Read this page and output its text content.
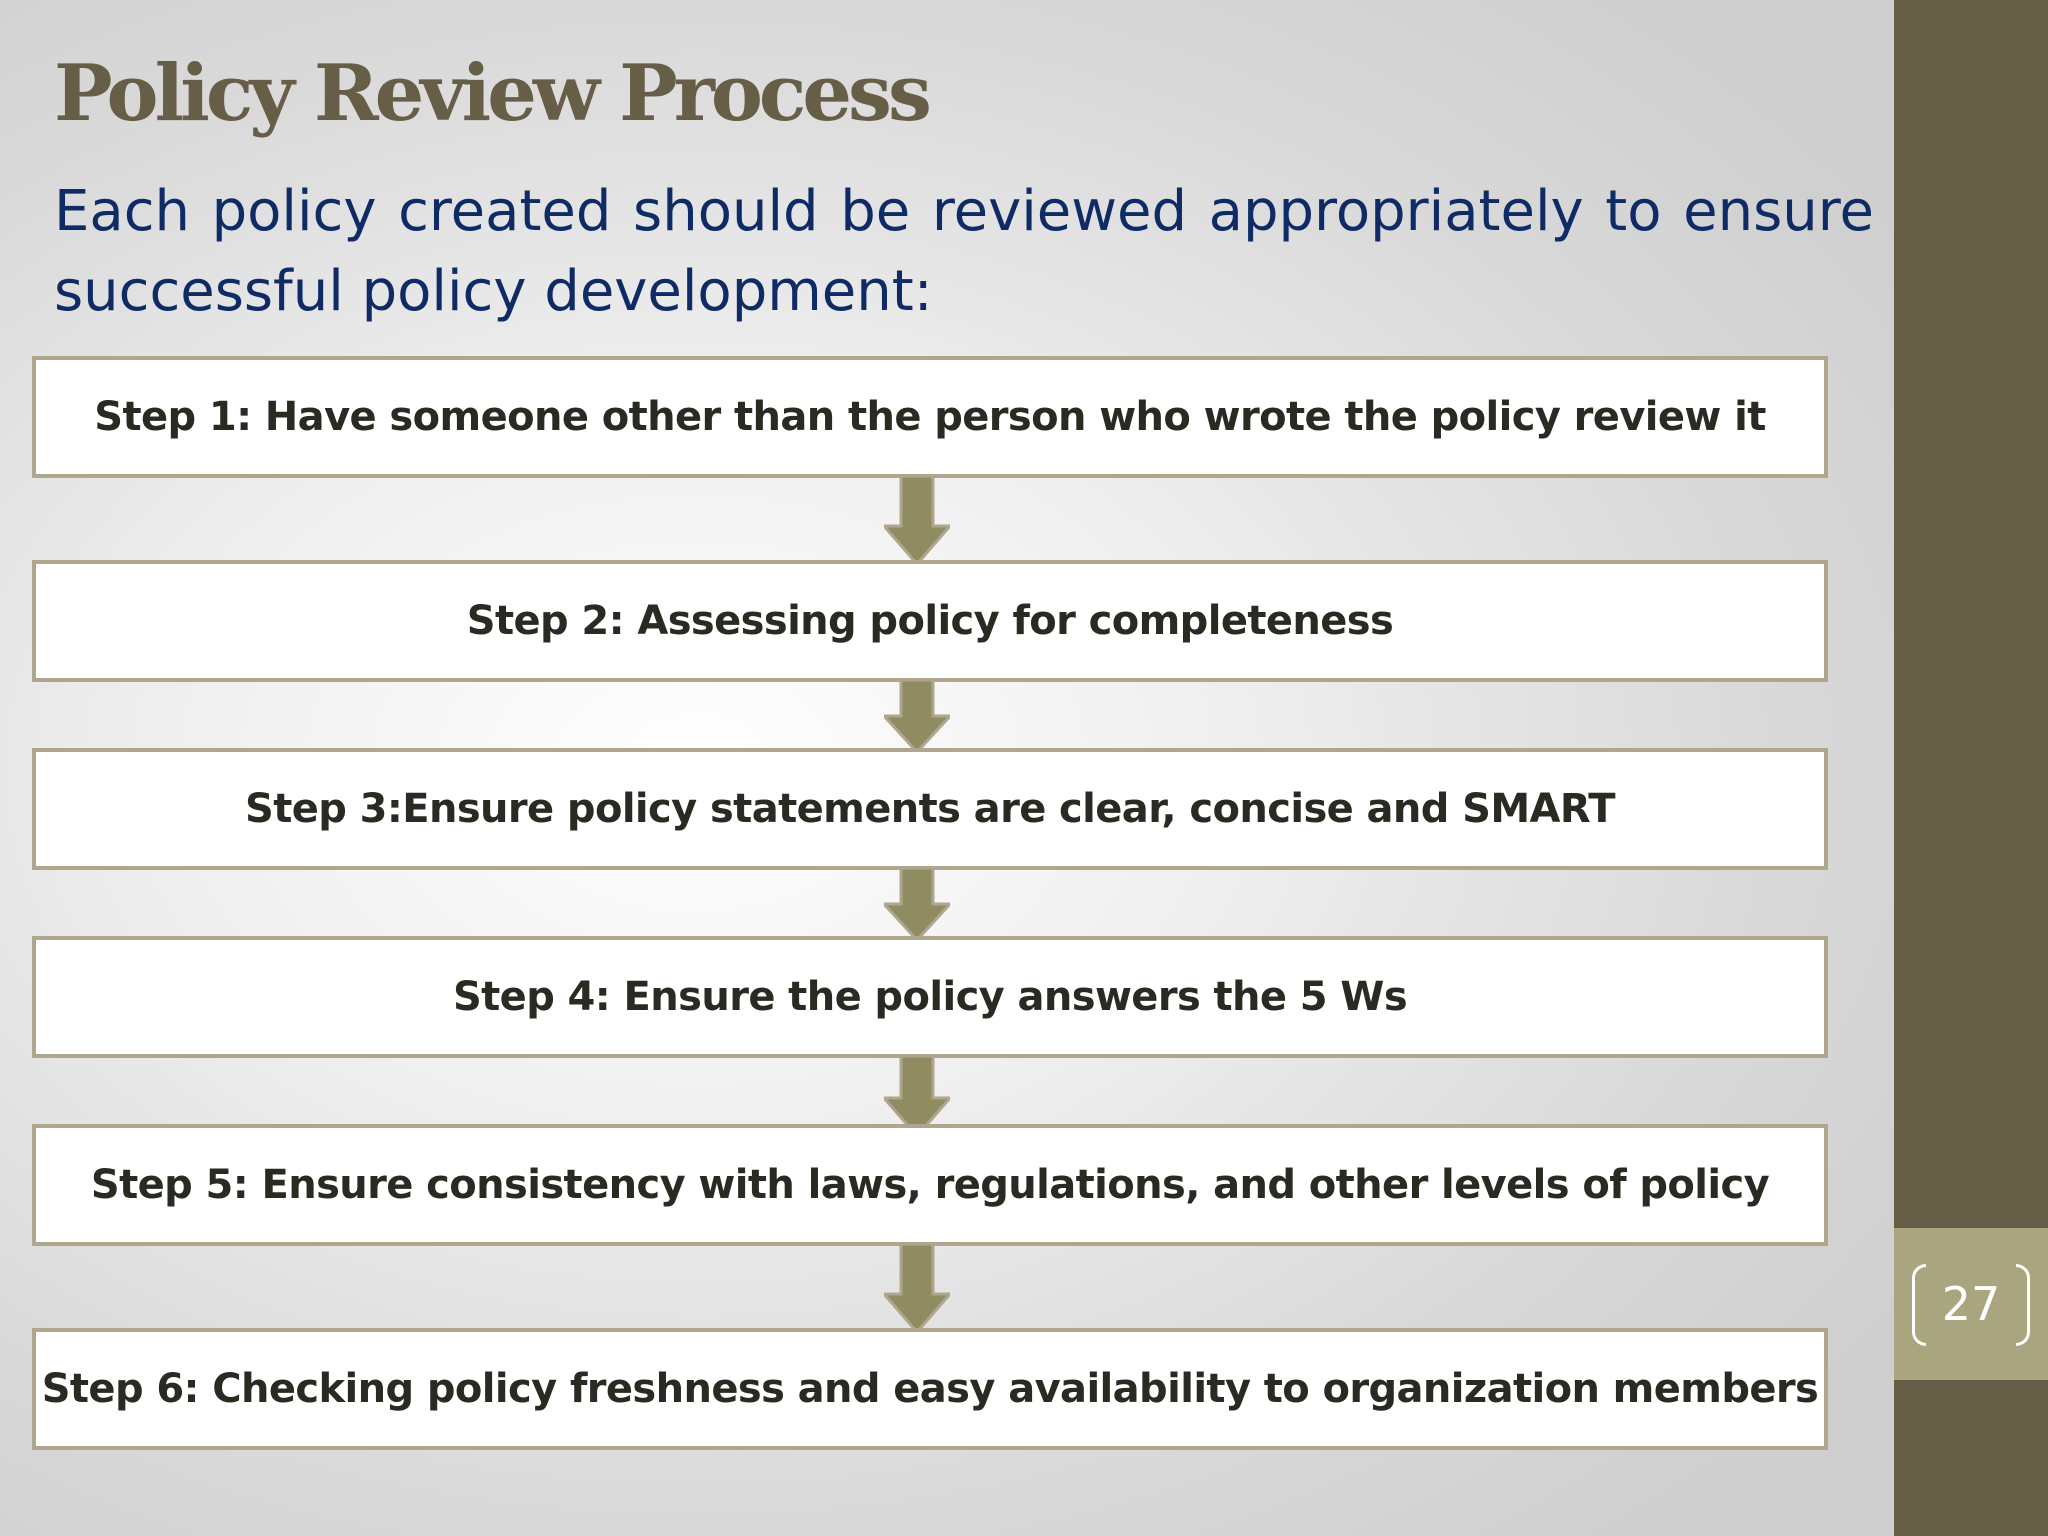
27
Policy Review Process

Each policy created should be reviewed appropriately to ensure successful policy development:

Step 1: Have someone other than the person who wrote the policy review it
Step 2: Assessing policy for completeness
Step 3:Ensure policy statements are clear, concise and SMART
Step 4: Ensure the policy answers the 5 Ws
Step 5: Ensure consistency with laws, regulations, and other levels of policy
Step 6: Checking policy freshness and easy availability to organization members
